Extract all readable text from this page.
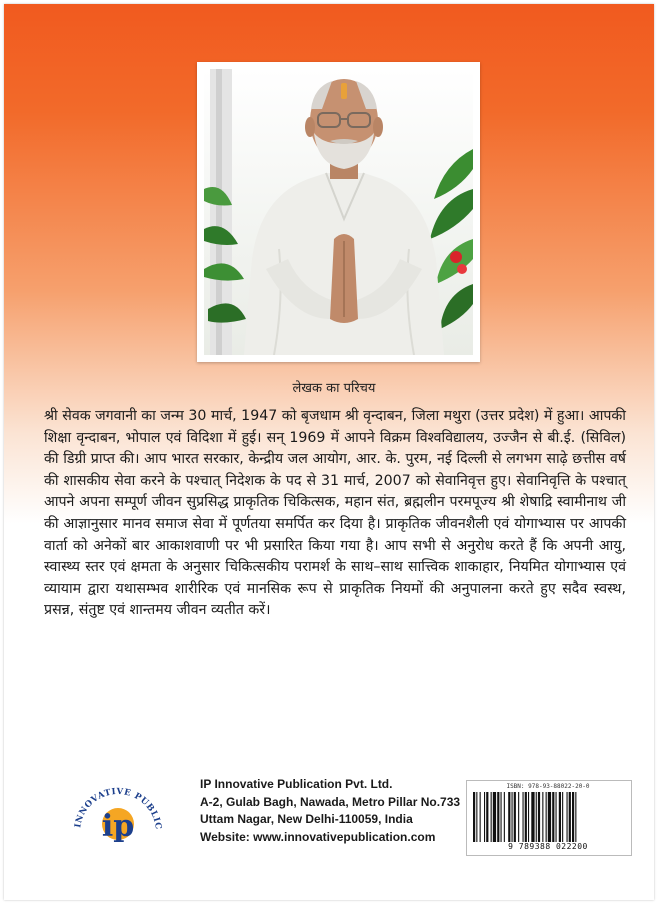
लेखक का परिचय

श्री सेवक जगवानी का जन्म 30 मार्च, 1947 को बृजधाम श्री वृन्दाबन, जिला मथुरा (उत्तर प्रदेश) में हुआ। आपकी शिक्षा वृन्दाबन, भोपाल एवं विदिशा में हुई। सन् 1969 में आपने विक्रम विश्वविद्यालय, उज्जैन से बी.ई. (सिविल) की डिग्री प्राप्त की। आप भारत सरकार, केन्द्रीय जल आयोग, आर. के. पुरम, नई दिल्ली से लगभग साढ़े छत्तीस वर्ष की शासकीय सेवा करने के पश्चात् निदेशक के पद से 31 मार्च, 2007 को सेवानिवृत्त हुए। सेवानिवृत्ति के पश्चात् आपने अपना सम्पूर्ण जीवन सुप्रसिद्ध प्राकृतिक चिकित्सक, महान संत, ब्रह्मलीन परमपूज्य श्री शेषाद्रि स्वामीनाथ जी की आज्ञानुसार मानव समाज सेवा में पूर्णतया समर्पित कर दिया है। प्राकृतिक जीवनशैली एवं योगाभ्यास पर आपकी वार्ता को अनेकों बार आकाशवाणी पर भी प्रसारित किया गया है। आप सभी से अनुरोध करते हैं कि अपनी आयु, स्वास्थ्य स्तर एवं क्षमता के अनुसार चिकित्सकीय परामर्श के साथ–साथ सात्त्विक शाकाहार, नियमित योगाभ्यास एवं व्यायाम द्वारा यथासम्भव शारीरिक एवं मानसिक रूप से प्राकृतिक नियमों की अनुपालना करते हुए सदैव स्वस्थ, प्रसन्न, संतुष्ट एवं शान्तमय जीवन व्यतीत करें।

INNOVATIVE PUBLIC
ip
IP Innovative Publication Pvt. Ltd.
A-2, Gulab Bagh, Nawada, Metro Pillar No.733
Uttam Nagar, New Delhi-110059, India
Website: www.innovativepublication.com
ISBN: 978-93-88022-20-0
9 789388 022200
